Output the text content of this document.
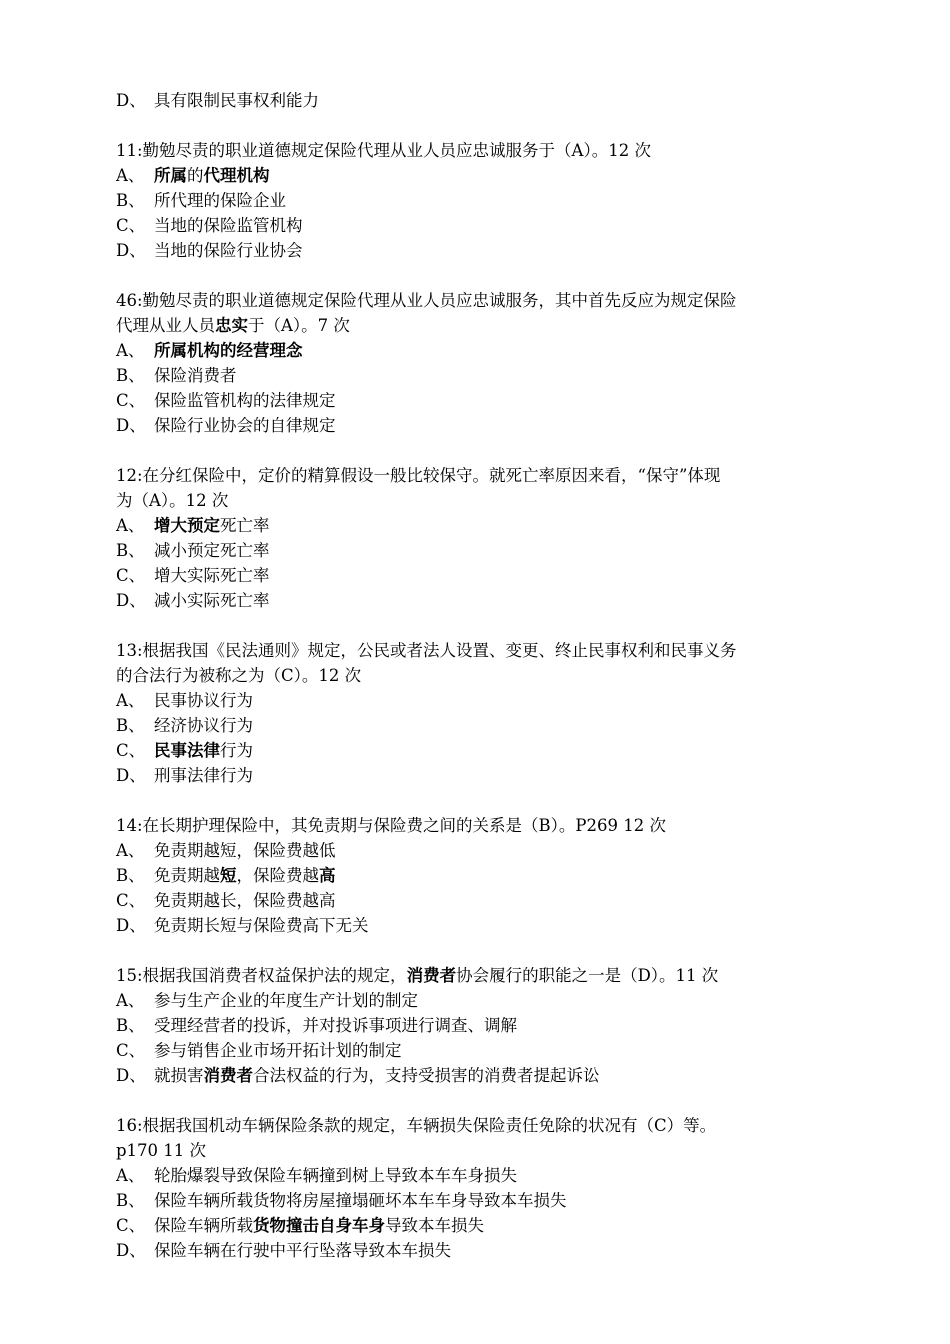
D、 具有限制民事权利能力
11:勤勉尽责的职业道德规定保险代理从业人员应忠诚服务于（A）。12 次
A、 所属的代理机构
B、 所代理的保险企业
C、 当地的保险监管机构
D、 当地的保险行业协会
46:勤勉尽责的职业道德规定保险代理从业人员应忠诚服务，其中首先反应为规定保险
代理从业人员忠实于（A）。7 次
A、 所属机构的经营理念
B、 保险消费者
C、 保险监管机构的法律规定
D、 保险行业协会的自律规定
12:在分红保险中，定价的精算假设一般比较保守。就死亡率原因来看，“保守”体现
为（A）。12 次
A、 增大预定死亡率
B、 减小预定死亡率
C、 增大实际死亡率
D、 减小实际死亡率
13:根据我国《民法通则》规定，公民或者法人设置、变更、终止民事权利和民事义务
的合法行为被称之为（C）。12 次
A、 民事协议行为
B、 经济协议行为
C、 民事法律行为
D、 刑事法律行为
14:在长期护理保险中，其免责期与保险费之间的关系是（B）。P269 12 次
A、 免责期越短，保险费越低
B、 免责期越短，保险费越高
C、 免责期越长，保险费越高
D、 免责期长短与保险费高下无关
15:根据我国消费者权益保护法的规定，消费者协会履行的职能之一是（D）。11 次
A、 参与生产企业的年度生产计划的制定
B、 受理经营者的投诉，并对投诉事项进行调查、调解
C、 参与销售企业市场开拓计划的制定
D、 就损害消费者合法权益的行为，支持受损害的消费者提起诉讼
16:根据我国机动车辆保险条款的规定，车辆损失保险责任免除的状况有（C）等。
p170 11 次
A、 轮胎爆裂导致保险车辆撞到树上导致本车车身损失
B、 保险车辆所载货物将房屋撞塌砸坏本车车身导致本车损失
C、 保险车辆所载货物撞击自身车身导致本车损失
D、 保险车辆在行驶中平行坠落导致本车损失
